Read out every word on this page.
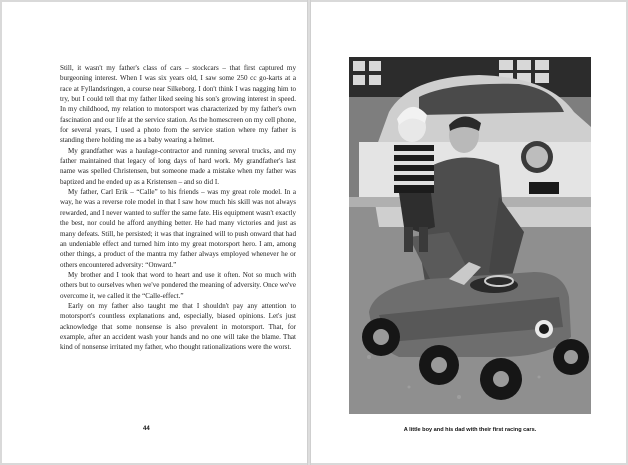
Still, it wasn't my father's class of cars – stockcars – that first captured my burgeoning interest. When I was six years old, I saw some 250 cc go-karts at a race at Fyllandsringen, a course near Silkeborg. I don't think I was nagging him to try, but I could tell that my father liked seeing his son's growing interest in speed. In my childhood, my relation to motorsport was characterized by my father's own fascination and our life at the service station. As the homescreen on my cell phone, for several years, I used a photo from the service station where my father is standing there holding me as a baby wearing a helmet.

My grandfather was a haulage-contractor and running several trucks, and my father maintained that legacy of long days of hard work. My grandfather's last name was spelled Christensen, but someone made a mistake when my father was baptized and he ended up as a Kristensen – and so did I.

My father, Carl Erik – “Calle” to his friends – was my great role model. In a way, he was a reverse role model in that I saw how much his skill was not always rewarded, and I never wanted to suffer the same fate. His equipment wasn't exactly the best, nor could he afford anything better. He had many victories and just as many defeats. Still, he persisted; it was that ingrained will to push onward that had an undeniable effect and turned him into my great motorsport hero. I am, among other things, a product of the mantra my father always employed whenever he or others encountered adversity: “Onward.”

My brother and I took that word to heart and use it often. Not so much with others but to ourselves when we've pondered the meaning of adversity. Once we've overcome it, we called it the “Calle-effect.”

Early on my father also taught me that I shouldn't pay any attention to motorsport's countless explanations and, especially, biased opinions. Let's just acknowledge that some nonsense is also prevalent in motorsport. That, for example, after an accident wash your hands and no one will take the blame. That kind of nonsense irritated my father, who thought rationalizations were the worst.

44	A little boy and his dad with their first racing cars.
